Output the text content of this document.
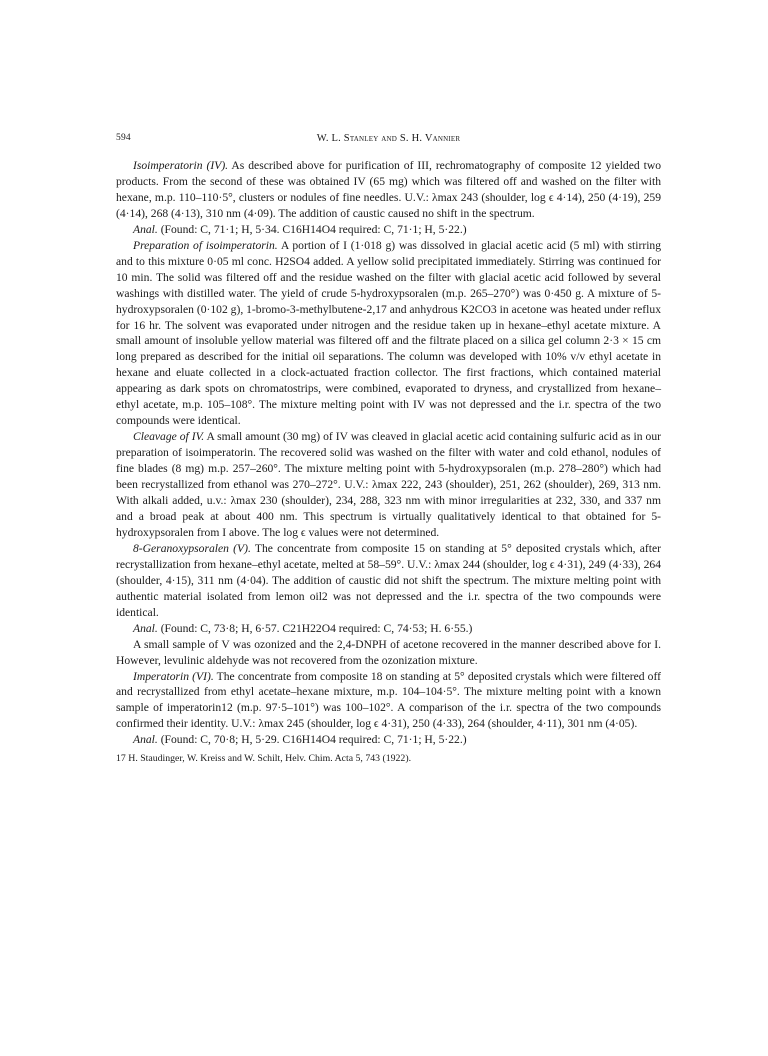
594	W. L. Stanley and S. H. Vannier

Isoimperatorin (IV). As described above for purification of III, rechromatography of composite 12 yielded two products. From the second of these was obtained IV (65 mg) which was filtered off and washed on the filter with hexane, m.p. 110–110·5°, clusters or nodules of fine needles. U.V.: λmax 243 (shoulder, log ϵ 4·14), 250 (4·19), 259 (4·14), 268 (4·13), 310 nm (4·09). The addition of caustic caused no shift in the spectrum.

Anal. (Found: C, 71·1; H, 5·34. C16H14O4 required: C, 71·1; H, 5·22.)

Preparation of isoimperatorin. A portion of I (1·018 g) was dissolved in glacial acetic acid (5 ml) with stirring and to this mixture 0·05 ml conc. H2SO4 added. A yellow solid precipitated immediately. Stirring was continued for 10 min. The solid was filtered off and the residue washed on the filter with glacial acetic acid followed by several washings with distilled water. The yield of crude 5-hydroxypsoralen (m.p. 265–270°) was 0·450 g. A mixture of 5-hydroxypsoralen (0·102 g), 1-bromo-3-methylbutene-2,17 and anhydrous K2CO3 in acetone was heated under reflux for 16 hr. The solvent was evaporated under nitrogen and the residue taken up in hexane–ethyl acetate mixture. A small amount of insoluble yellow material was filtered off and the filtrate placed on a silica gel column 2·3 × 15 cm long prepared as described for the initial oil separations. The column was developed with 10% v/v ethyl acetate in hexane and eluate collected in a clock-actuated fraction collector. The first fractions, which contained material appearing as dark spots on chromatostrips, were combined, evaporated to dryness, and crystallized from hexane–ethyl acetate, m.p. 105–108°. The mixture melting point with IV was not depressed and the i.r. spectra of the two compounds were identical.

Cleavage of IV. A small amount (30 mg) of IV was cleaved in glacial acetic acid containing sulfuric acid as in our preparation of isoimperatorin. The recovered solid was washed on the filter with water and cold ethanol, nodules of fine blades (8 mg) m.p. 257–260°. The mixture melting point with 5-hydroxypsoralen (m.p. 278–280°) which had been recrystallized from ethanol was 270–272°. U.V.: λmax 222, 243 (shoulder), 251, 262 (shoulder), 269, 313 nm. With alkali added, u.v.: λmax 230 (shoulder), 234, 288, 323 nm with minor irregularities at 232, 330, and 337 nm and a broad peak at about 400 nm. This spectrum is virtually qualitatively identical to that obtained for 5-hydroxypsoralen from I above. The log ϵ values were not determined.

8-Geranoxypsoralen (V). The concentrate from composite 15 on standing at 5° deposited crystals which, after recrystallization from hexane–ethyl acetate, melted at 58–59°. U.V.: λmax 244 (shoulder, log ϵ 4·31), 249 (4·33), 264 (shoulder, 4·15), 311 nm (4·04). The addition of caustic did not shift the spectrum. The mixture melting point with authentic material isolated from lemon oil2 was not depressed and the i.r. spectra of the two compounds were identical.

Anal. (Found: C, 73·8; H, 6·57. C21H22O4 required: C, 74·53; H. 6·55.)

A small sample of V was ozonized and the 2,4-DNPH of acetone recovered in the manner described above for I. However, levulinic aldehyde was not recovered from the ozonization mixture.

Imperatorin (VI). The concentrate from composite 18 on standing at 5° deposited crystals which were filtered off and recrystallized from ethyl acetate–hexane mixture, m.p. 104–104·5°. The mixture melting point with a known sample of imperatorin12 (m.p. 97·5–101°) was 100–102°. A comparison of the i.r. spectra of the two compounds confirmed their identity. U.V.: λmax 245 (shoulder, log ϵ 4·31), 250 (4·33), 264 (shoulder, 4·11), 301 nm (4·05).

Anal. (Found: C, 70·8; H, 5·29. C16H14O4 required: C, 71·1; H, 5·22.)

17 H. Staudinger, W. Kreiss and W. Schilt, Helv. Chim. Acta 5, 743 (1922).
